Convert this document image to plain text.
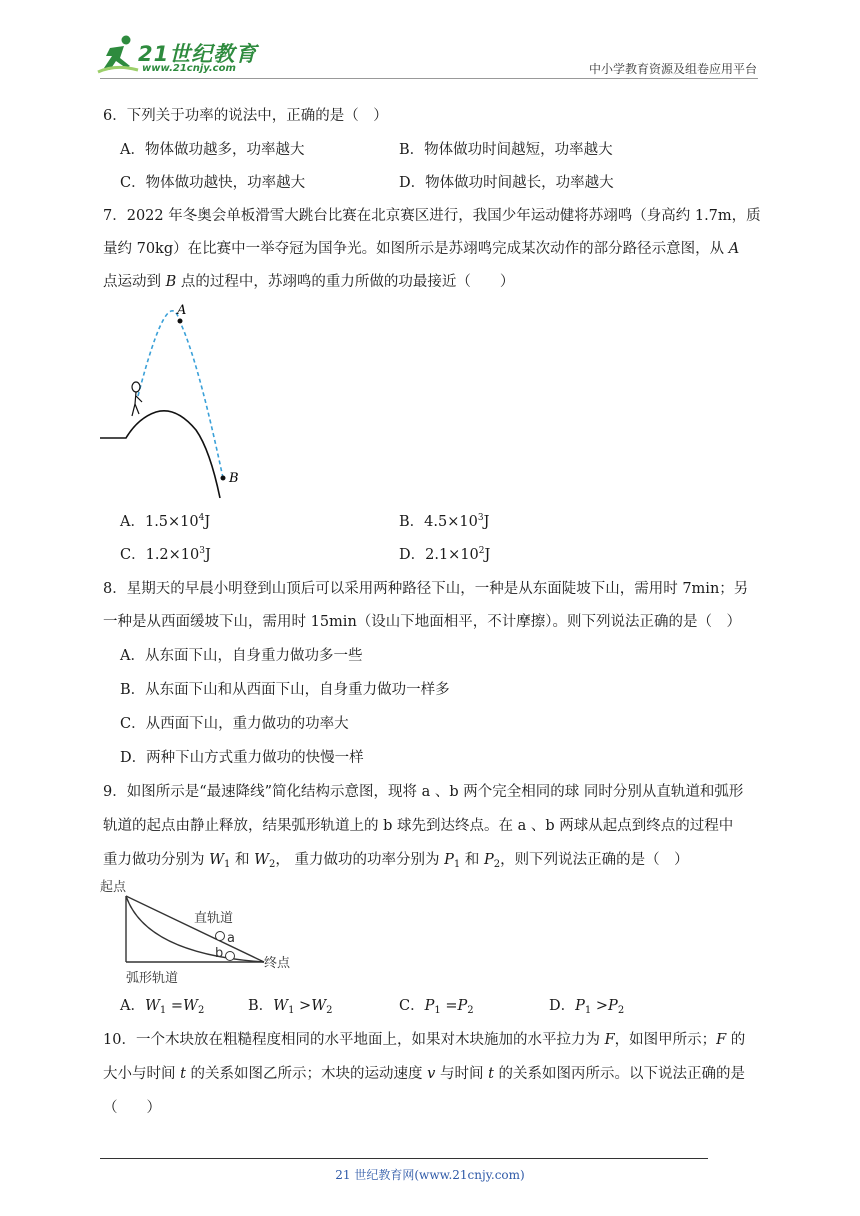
21世纪教育
www.21cnjy.com	中小学教育资源及组卷应用平台
6．下列关于功率的说法中，正确的是（　）
A．物体做功越多，功率越大	B．物体做功时间越短，功率越大
C．物体做功越快，功率越大	D．物体做功时间越长，功率越大
7．2022 年冬奥会单板滑雪大跳台比赛在北京赛区进行，我国少年运动健将苏翊鸣（身高约 1.7m，质
量约 70kg）在比赛中一举夺冠为国争光。如图所示是苏翊鸣完成某次动作的部分路径示意图，从 A
点运动到 B 点的过程中，苏翊鸣的重力所做的功最接近（　　）
A
B
A．$1.5\times 10^4J$	B．$4.5\times 10^3J$
C．$1.2\times 10^3J$	D．$2.1\times 10^2J$
8．星期天的早晨小明登到山顶后可以采用两种路径下山，一种是从东面陡坡下山，需用时 7min；另
一种是从西面缓坡下山，需用时 15min（设山下地面相平，不计摩擦）。则下列说法正确的是（　）
A．从东面下山，自身重力做功多一些
B．从东面下山和从西面下山，自身重力做功一样多
C．从西面下山，重力做功的功率大
D．两种下山方式重力做功的快慢一样
9．如图所示是“最速降线”简化结构示意图，现将 a 、b 两个完全相同的球 同时分别从直轨道和弧形
轨道的起点由静止释放，结果弧形轨道上的 b 球先到达终点。在 a 、b 两球从起点到终点的过程中
重力做功分别为 $W_1$ 和 $W_2$， 重力做功的功率分别为 $P_1$ 和 $P_2$，则下列说法正确的是（　）
起点
直轨道
a
b
终点
弧形轨道
A．$W_1 =W_2$	B．$W_1 >W_2$	C．$P_1 =P_2$	D．$P_1 >P_2$
10．一个木块放在粗糙程度相同的水平地面上，如果对木块施加的水平拉力为 F，如图甲所示；F 的
大小与时间 t 的关系如图乙所示；木块的运动速度 v 与时间 t 的关系如图丙所示。以下说法正确的是
（　　）
21 世纪教育网(www.21cnjy.com)
